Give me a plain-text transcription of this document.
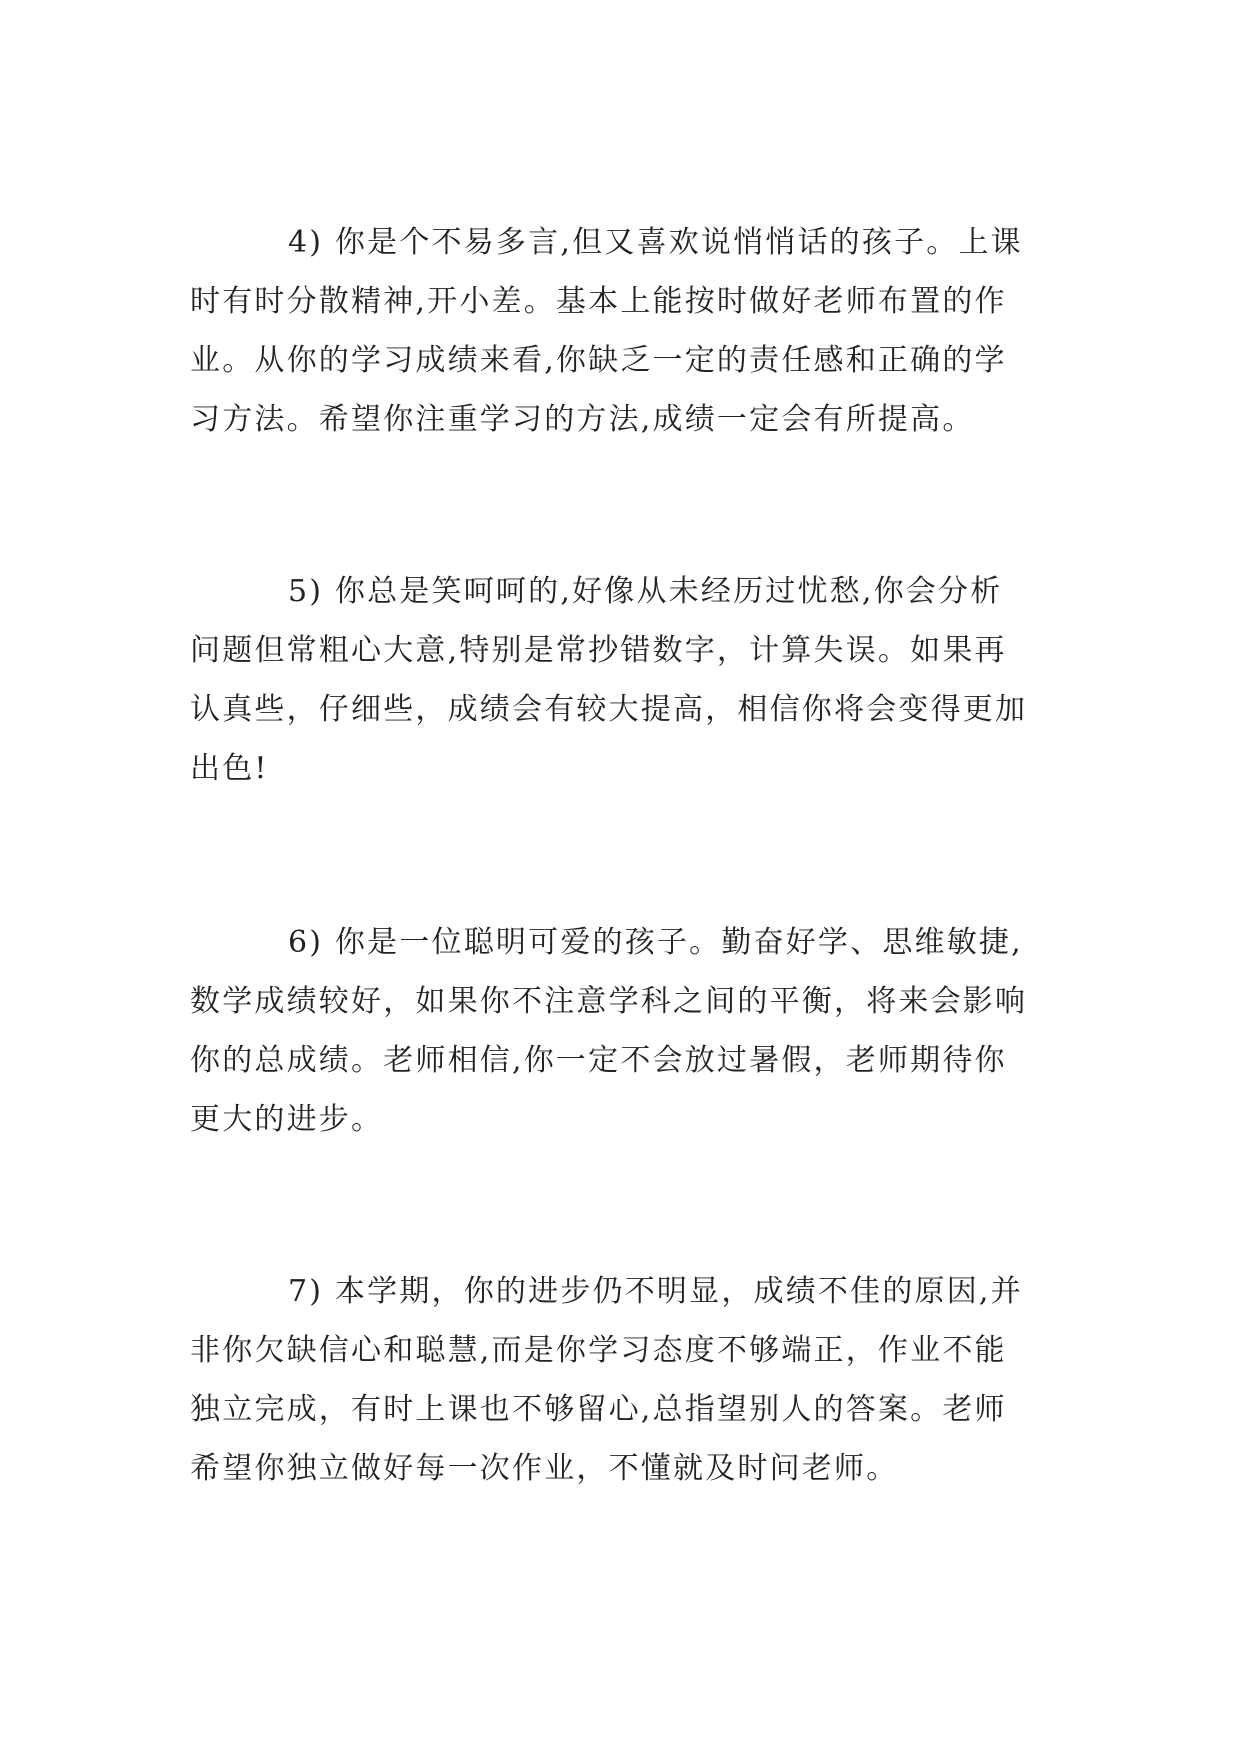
4) 你是个不易多言,但又喜欢说悄悄话的孩子。上课
时有时分散精神,开小差。基本上能按时做好老师布置的作
业。从你的学习成绩来看,你缺乏一定的责任感和正确的学
习方法。希望你注重学习的方法,成绩一定会有所提高。
5) 你总是笑呵呵的,好像从未经历过忧愁,你会分析
问题但常粗心大意,特别是常抄错数字，计算失误。如果再
认真些，仔细些，成绩会有较大提高，相信你将会变得更加
出色!
6) 你是一位聪明可爱的孩子。勤奋好学、思维敏捷,
数学成绩较好，如果你不注意学科之间的平衡，将来会影响
你的总成绩。老师相信,你一定不会放过暑假，老师期待你
更大的进步。
7) 本学期，你的进步仍不明显，成绩不佳的原因,并
非你欠缺信心和聪慧,而是你学习态度不够端正，作业不能
独立完成，有时上课也不够留心,总指望别人的答案。老师
希望你独立做好每一次作业，不懂就及时问老师。
